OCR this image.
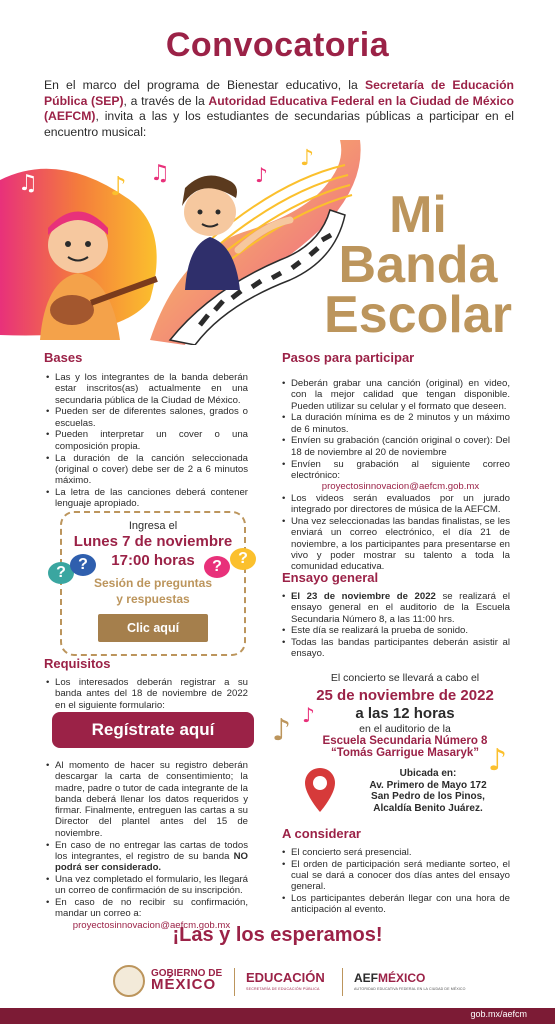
Convocatoria

En el marco del programa de Bienestar educativo, la Secretaría de Educación Pública (SEP), a través de la Autoridad Educativa Federal en la Ciudad de México (AEFCM), invita a las y los estudiantes de secundarias públicas a participar en el encuentro musical:

♪ ♫
♪
♫	♪
Mi
Banda
Escolar
Bases
• Las y los integrantes de la banda deberán estar inscritos(as) actualmente en una secundaria pública de la Ciudad de México.
• Pueden ser de diferentes salones, grados o escuelas.
• Pueden interpretar un cover o una composición propia.
• La duración de la canción seleccionada (original o cover) debe ser de 2 a 6 minutos máximo.
• La letra de las canciones deberá contener lenguaje apropiado.
Ingresa el
Lunes 7 de noviembre
17:00 horas
Sesión de preguntas
y respuestas
Clic aquí
? ?	?	?
Requisitos
• Los interesados deberán registrar a su banda antes del 18 de noviembre de 2022 en el siguiente formulario:
Regístrate aquí
• Al momento de hacer su registro deberán descargar la carta de consentimiento; la madre, padre o tutor de cada integrante de la banda deberá llenar los datos requeridos y firmar. Finalmente, entreguen las cartas a su Director del plantel antes del 15 de noviembre.
• En caso de no entregar las cartas de todos los integrantes, el registro de su banda NO podrá ser considerado.
• Una vez completado el formulario, les llegará un correo de confirmación de su inscripción.
• En caso de no recibir su confirmación, mandar un correo a:
proyectosinnovacion@aefcm.gob.mx
Pasos para participar
• Deberán grabar una canción (original) en video, con la mejor calidad que tengan disponible. Pueden utilizar su celular y el formato que deseen.
• La duración mínima es de 2 minutos y un máximo de 6 minutos.
• Envíen su grabación (canción original o cover): Del 18 de noviembre al 20 de noviembre
• Envíen su grabación al siguiente correo electrónico:
proyectosinnovacion@aefcm.gob.mx
• Los videos serán evaluados por un jurado integrado por directores de música de la AEFCM.
• Una vez seleccionadas las bandas finalistas, se les enviará un correo electrónico, el día 21 de noviembre, a los participantes para presentarse en vivo y poder mostrar su talento a toda la comunidad educativa.
Ensayo general
• El 23 de noviembre de 2022 se realizará el ensayo general en el auditorio de la Escuela Secundaria Número 8, a las 11:00 hrs.
• Este día se realizará la prueba de sonido.
• Todas las bandas participantes deberán asistir al ensayo.
El concierto se llevará a cabo el
25 de noviembre de 2022
a las 12 horas
en el auditorio de la
Escuela Secundaria Número 8
“Tomás Garrigue Masaryk”
♪
♪
♪
Ubicada en:
Av. Primero de Mayo 172
San Pedro de los Pinos,
Alcaldía Benito Juárez.
A considerar
• El concierto será presencial.
• El orden de participación será mediante sorteo, el cual se dará a conocer dos días antes del ensayo general.
• Los participantes deberán llegar con una hora de anticipación al evento.
¡Las y los esperamos!
GOBIERNO DE
MÉXICO	EDUCACIÓN
SECRETARÍA DE EDUCACIÓN PÚBLICA
AEFMÉXICO
AUTORIDAD EDUCATIVA FEDERAL EN LA CIUDAD DE MÉXICO
gob.mx/aefcm
